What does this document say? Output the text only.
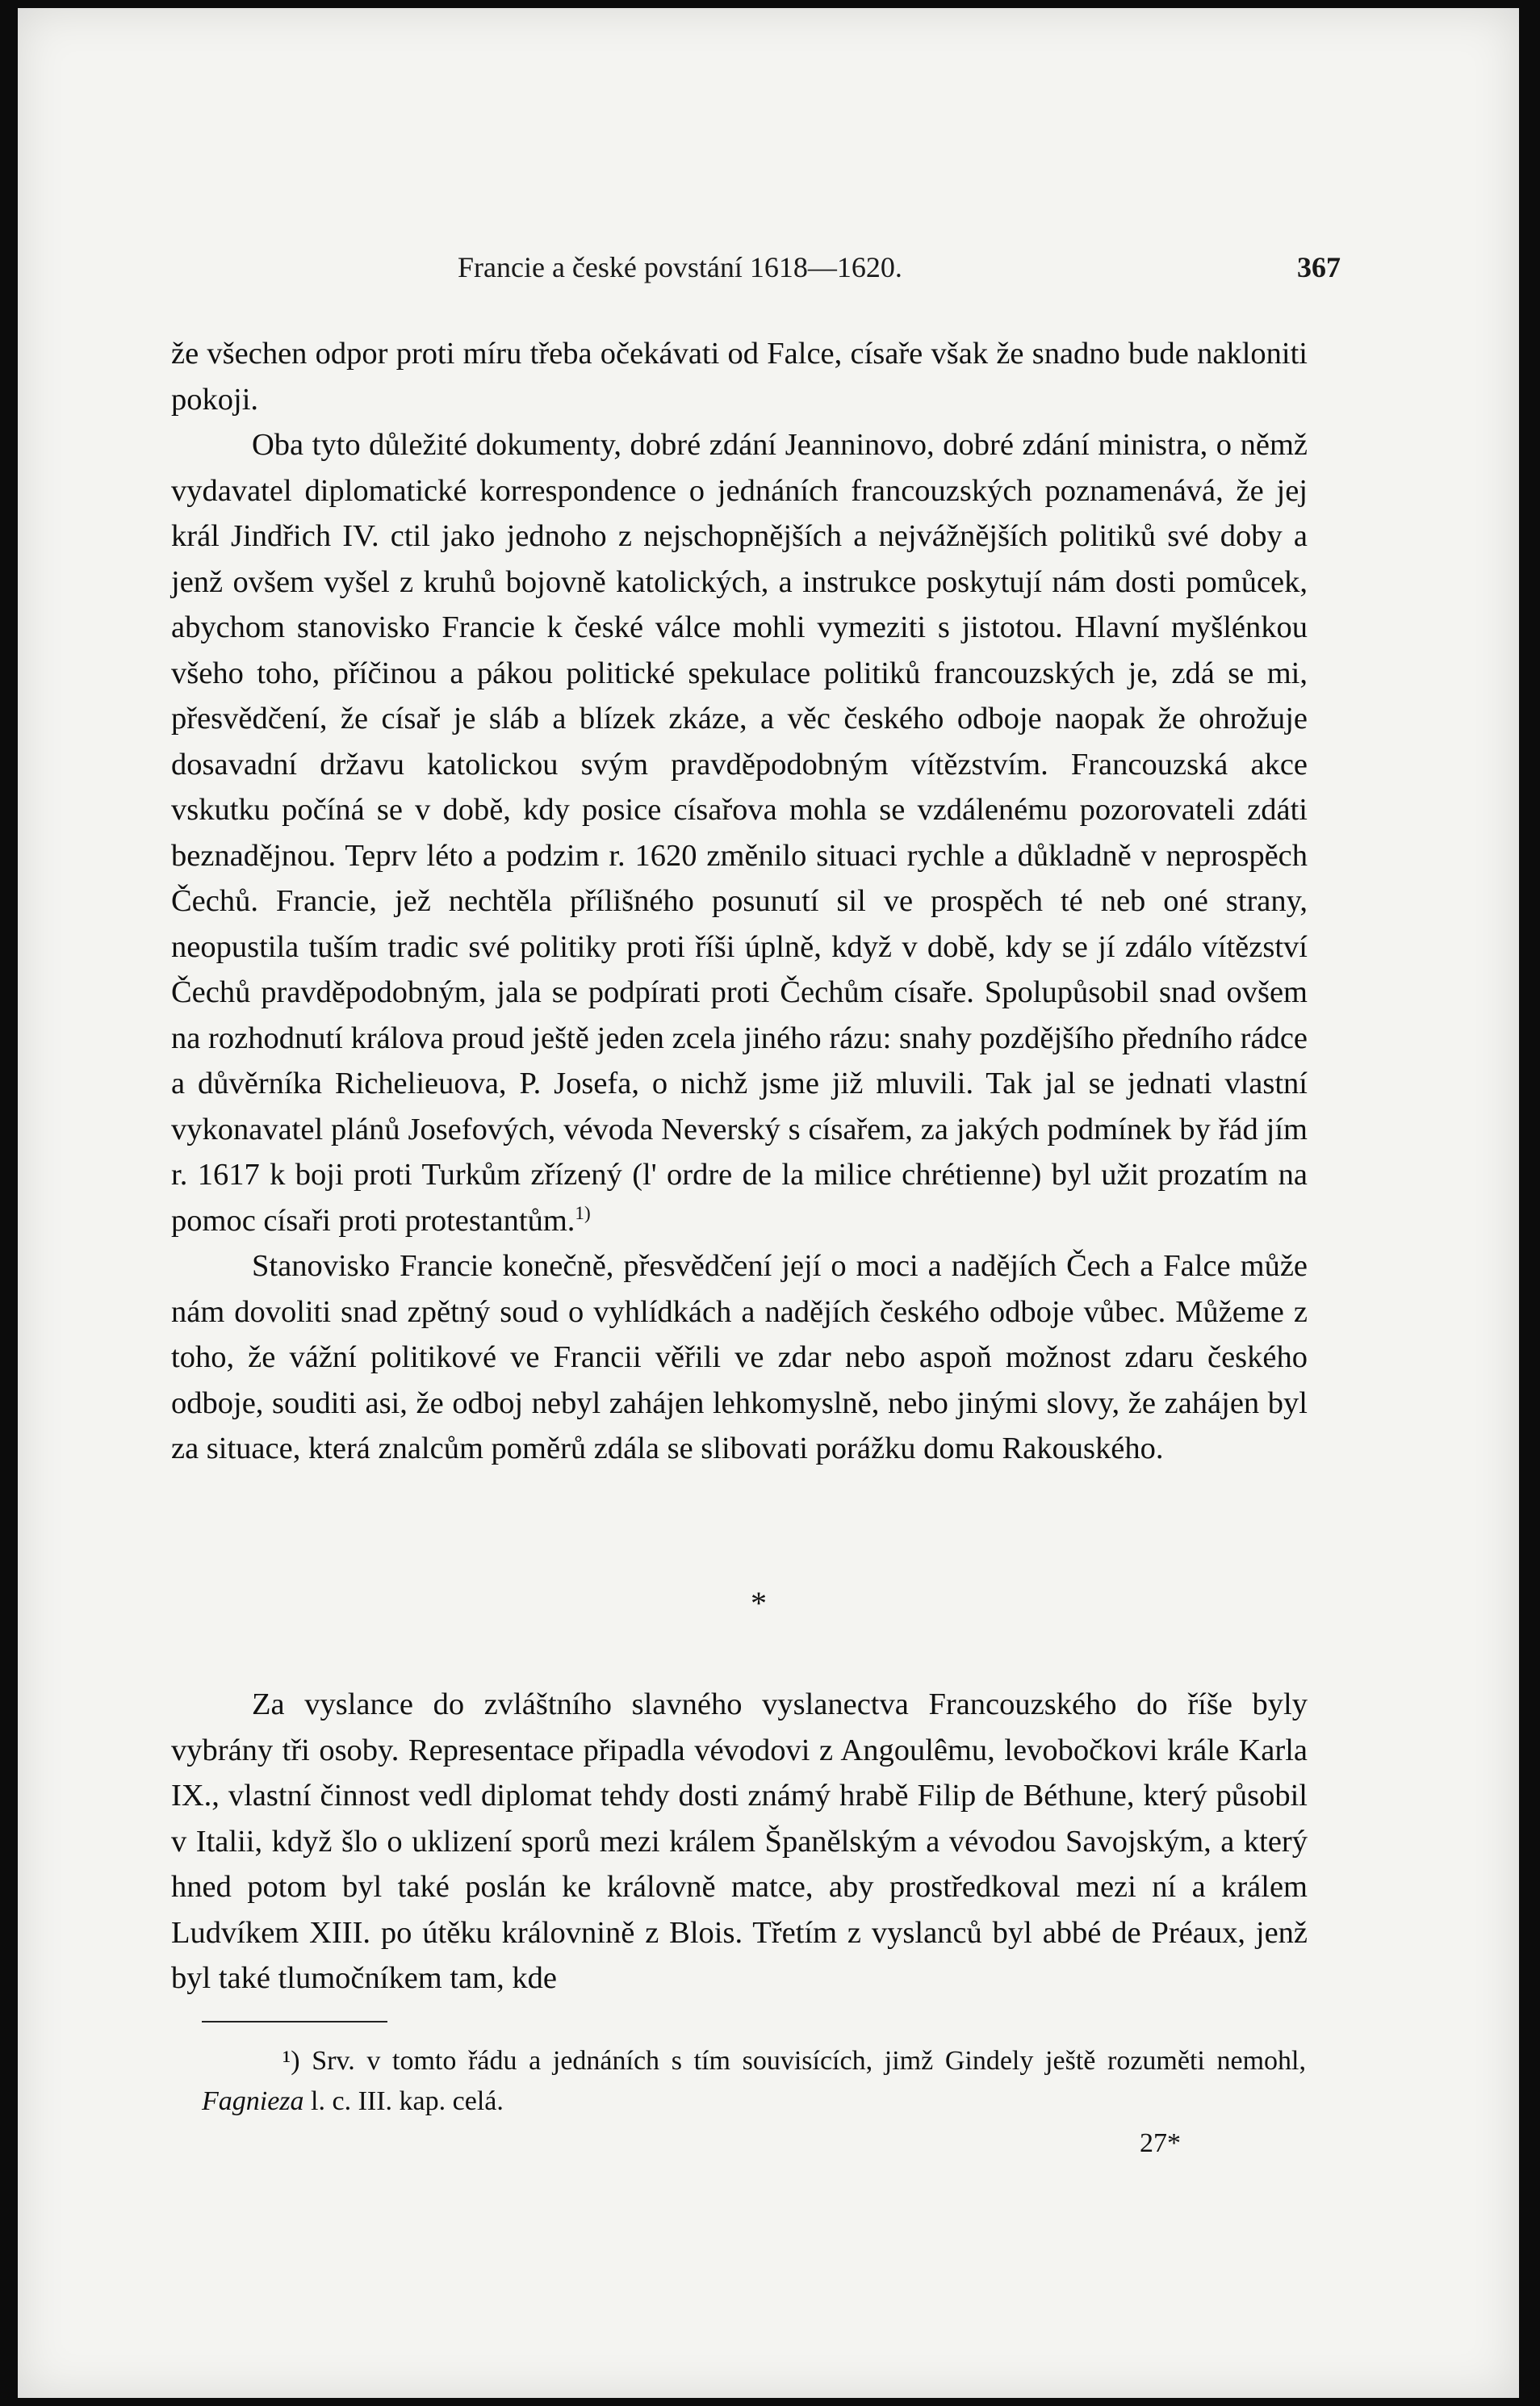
Francie a české povstání 1618—1620.	367

že všechen odpor proti míru třeba očekávati od Falce, císaře však že snadno bude nakloniti pokoji.

Oba tyto důležité dokumenty, dobré zdání Jeanninovo, dobré zdání ministra, o němž vydavatel diplomatické korrespondence o jednáních francouzských poznamenává, že jej král Jindřich IV. ctil jako jednoho z nejschopnějších a nejvážnějších politiků své doby a jenž ovšem vyšel z kruhů bojovně katolických, a instrukce poskytují nám dosti pomůcek, abychom stanovisko Francie k české válce mohli vymeziti s jistotou. Hlavní myšlénkou všeho toho, příčinou a pákou politické spekulace politiků francouzských je, zdá se mi, přesvědčení, že císař je sláb a blízek zkáze, a věc českého odboje naopak že ohrožuje dosavadní državu katolickou svým pravděpodobným vítězstvím. Francouzská akce vskutku počíná se v době, kdy posice císařova mohla se vzdálenému pozorovateli zdáti beznadějnou. Teprv léto a podzim r. 1620 změnilo situaci rychle a důkladně v neprospěch Čechů. Francie, jež nechtěla přílišného posunutí sil ve prospěch té neb oné strany, neopustila tuším tradic své politiky proti říši úplně, když v době, kdy se jí zdálo vítězství Čechů pravděpodobným, jala se podpírati proti Čechům císaře. Spolupůsobil snad ovšem na rozhodnutí králova proud ještě jeden zcela jiného rázu: snahy pozdějšího předního rádce a důvěrníka Richelieuova, P. Josefa, o nichž jsme již mluvili. Tak jal se jednati vlastní vykonavatel plánů Josefových, vévoda Neverský s císařem, za jakých podmínek by řád jím r. 1617 k boji proti Turkům zřízený (l' ordre de la milice chrétienne) byl užit prozatím na pomoc císaři proti protestantům.$^{1)}$

Stanovisko Francie konečně, přesvědčení její o moci a nadějích Čech a Falce může nám dovoliti snad zpětný soud o vyhlídkách a nadějích českého odboje vůbec. Můžeme z toho, že vážní politikové ve Francii věřili ve zdar nebo aspoň možnost zdaru českého odboje, souditi asi, že odboj nebyl zahájen lehkomyslně, nebo jinými slovy, že zahájen byl za situace, která znalcům poměrů zdála se slibovati porážku domu Rakouského.

*

Za vyslance do zvláštního slavného vyslanectva Francouzského do říše byly vybrány tři osoby. Representace připadla vévodovi z Angoulêmu, levobočkovi krále Karla IX., vlastní činnost vedl diplomat tehdy dosti známý hrabě Filip de Béthune, který působil v Italii, když šlo o uklizení sporů mezi králem Španělským a vévodou Savojským, a který hned potom byl také poslán ke královně matce, aby prostředkoval mezi ní a králem Ludvíkem XIII. po útěku královnině z Blois. Třetím z vyslanců byl abbé de Préaux, jenž byl také tlumočníkem tam, kde

¹) Srv. v tomto řádu a jednáních s tím souvisících, jimž Gindely ještě rozuměti nemohl, Fagnieza l. c. III. kap. celá.

27*
